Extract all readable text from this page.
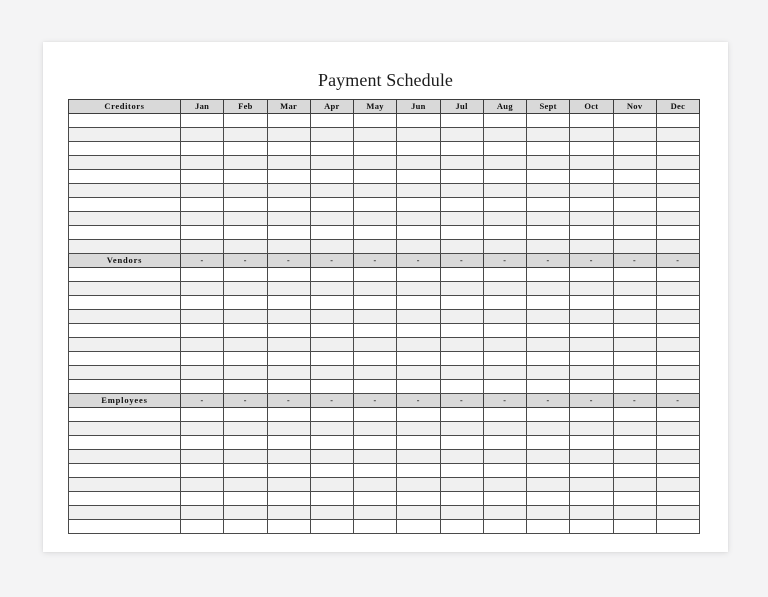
Payment Schedule
Creditors	Jan	Feb	Mar	Apr	May	Jun	Jul	Aug	Sept	Oct	Nov	Dec

Vendors	-	-	-	-	-	-	-	-	-	-	-	-

Employees	-	-	-	-	-	-	-	-	-	-	-	-
